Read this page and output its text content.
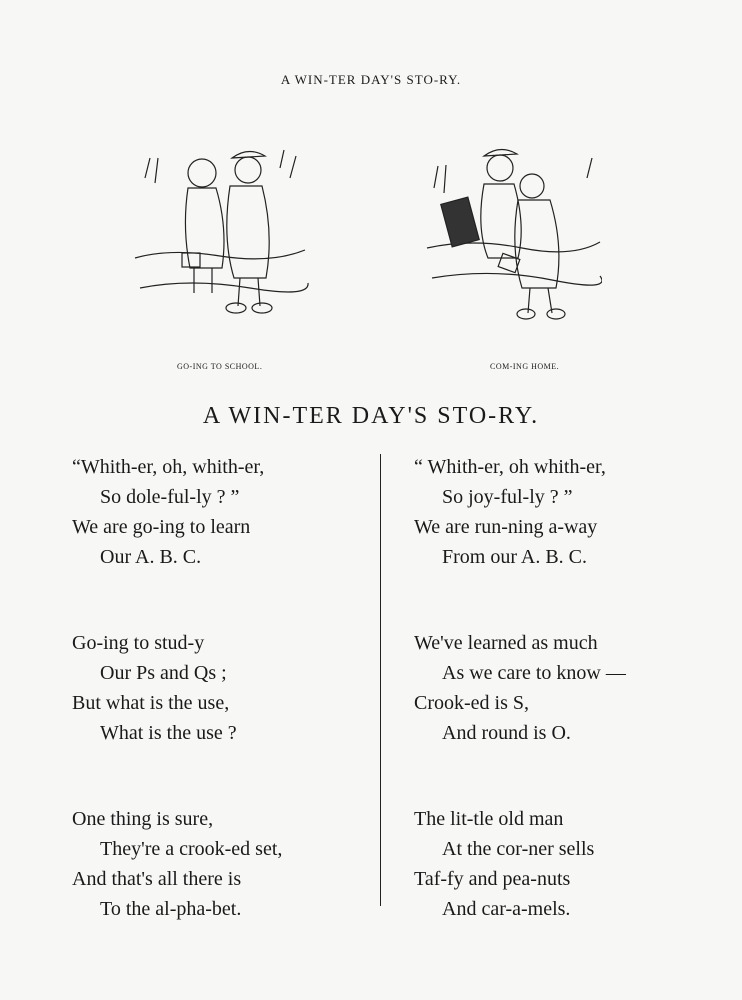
A WIN-TER DAY'S STO-RY.
GO-ING TO SCHOOL.	COM-ING HOME.
A WIN-TER DAY'S STO-RY.
“Whith-er, oh, whith-er,
So dole-ful-ly ? ”
We are go-ing to learn
Our A. B. C.
Go-ing to stud-y
Our Ps and Qs ;
But what is the use,
What is the use ?
One thing is sure,
They're a crook-ed set,
And that's all there is
To the al-pha-bet.
“ Whith-er, oh whith-er,
So joy-ful-ly ? ”
We are run-ning a-way
From our A. B. C.
We've learned as much
As we care to know —
Crook-ed is S,
And round is O.
The lit-tle old man
At the cor-ner sells
Taf-fy and pea-nuts
And car-a-mels.
